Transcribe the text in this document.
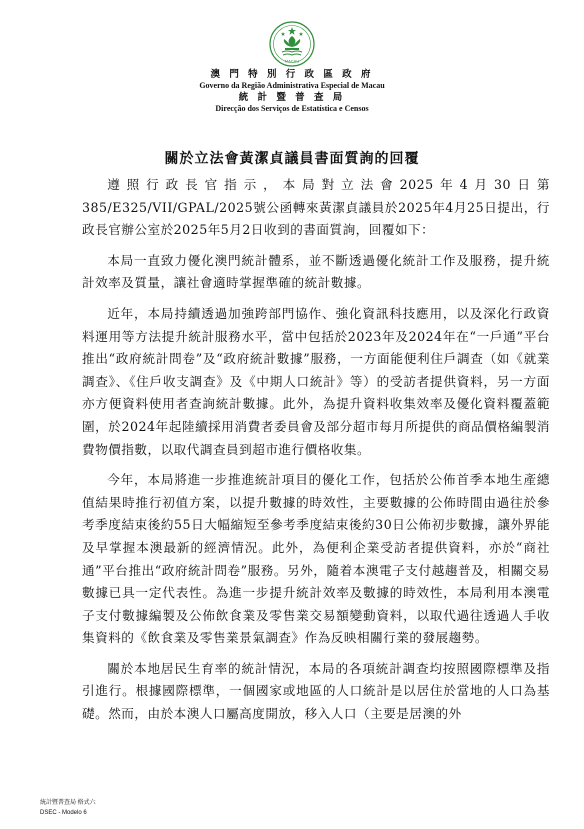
MACAU
澳 門 特 別 行 政 區 政 府
Governo da Região Administrativa Especial de Macau
統 計 暨 普 查 局
Direcção dos Serviços de Estatística e Censos
關於立法會黃潔貞議員書面質詢的回覆

遵照行政長官指示，本局對立法會2025年4月30日第385/E325/VII/GPAL/2025號公函轉來黃潔貞議員於2025年4月25日提出，行政長官辦公室於2025年5月2日收到的書面質詢，回覆如下：

本局一直致力優化澳門統計體系，並不斷透過優化統計工作及服務，提升統計效率及質量，讓社會適時掌握準確的統計數據。

近年，本局持續透過加強跨部門協作、強化資訊科技應用，以及深化行政資料運用等方法提升統計服務水平，當中包括於2023年及2024年在“一戶通”平台推出“政府統計問卷”及“政府統計數據”服務，一方面能便利住戶調查（如《就業調查》、《住戶收支調查》及《中期人口統計》等）的受訪者提供資料，另一方面亦方便資料使用者查詢統計數據。此外，為提升資料收集效率及優化資料覆蓋範圍，於2024年起陸續採用消費者委員會及部分超市每月所提供的商品價格編製消費物價指數，以取代調查員到超市進行價格收集。

今年，本局將進一步推進統計項目的優化工作，包括於公佈首季本地生產總值結果時推行初值方案，以提升數據的時效性，主要數據的公佈時間由過往於參考季度結束後約55日大幅縮短至參考季度結束後約30日公佈初步數據，讓外界能及早掌握本澳最新的經濟情況。此外，為便利企業受訪者提供資料，亦於“商社通”平台推出“政府統計問卷”服務。另外，隨着本澳電子支付越趨普及，相關交易數據已具一定代表性。為進一步提升統計效率及數據的時效性，本局利用本澳電子支付數據編製及公佈飲食業及零售業交易額變動資料，以取代過往透過人手收集資料的《飲食業及零售業景氣調查》作為反映相關行業的發展趨勢。

關於本地居民生育率的統計情況，本局的各項統計調查均按照國際標準及指引進行。根據國際標準，一個國家或地區的人口統計是以居住於當地的人口為基礎。然而，由於本澳人口屬高度開放，移入人口（主要是居澳的外

統計暨普查局 格式六
DSEC - Modelo 6
